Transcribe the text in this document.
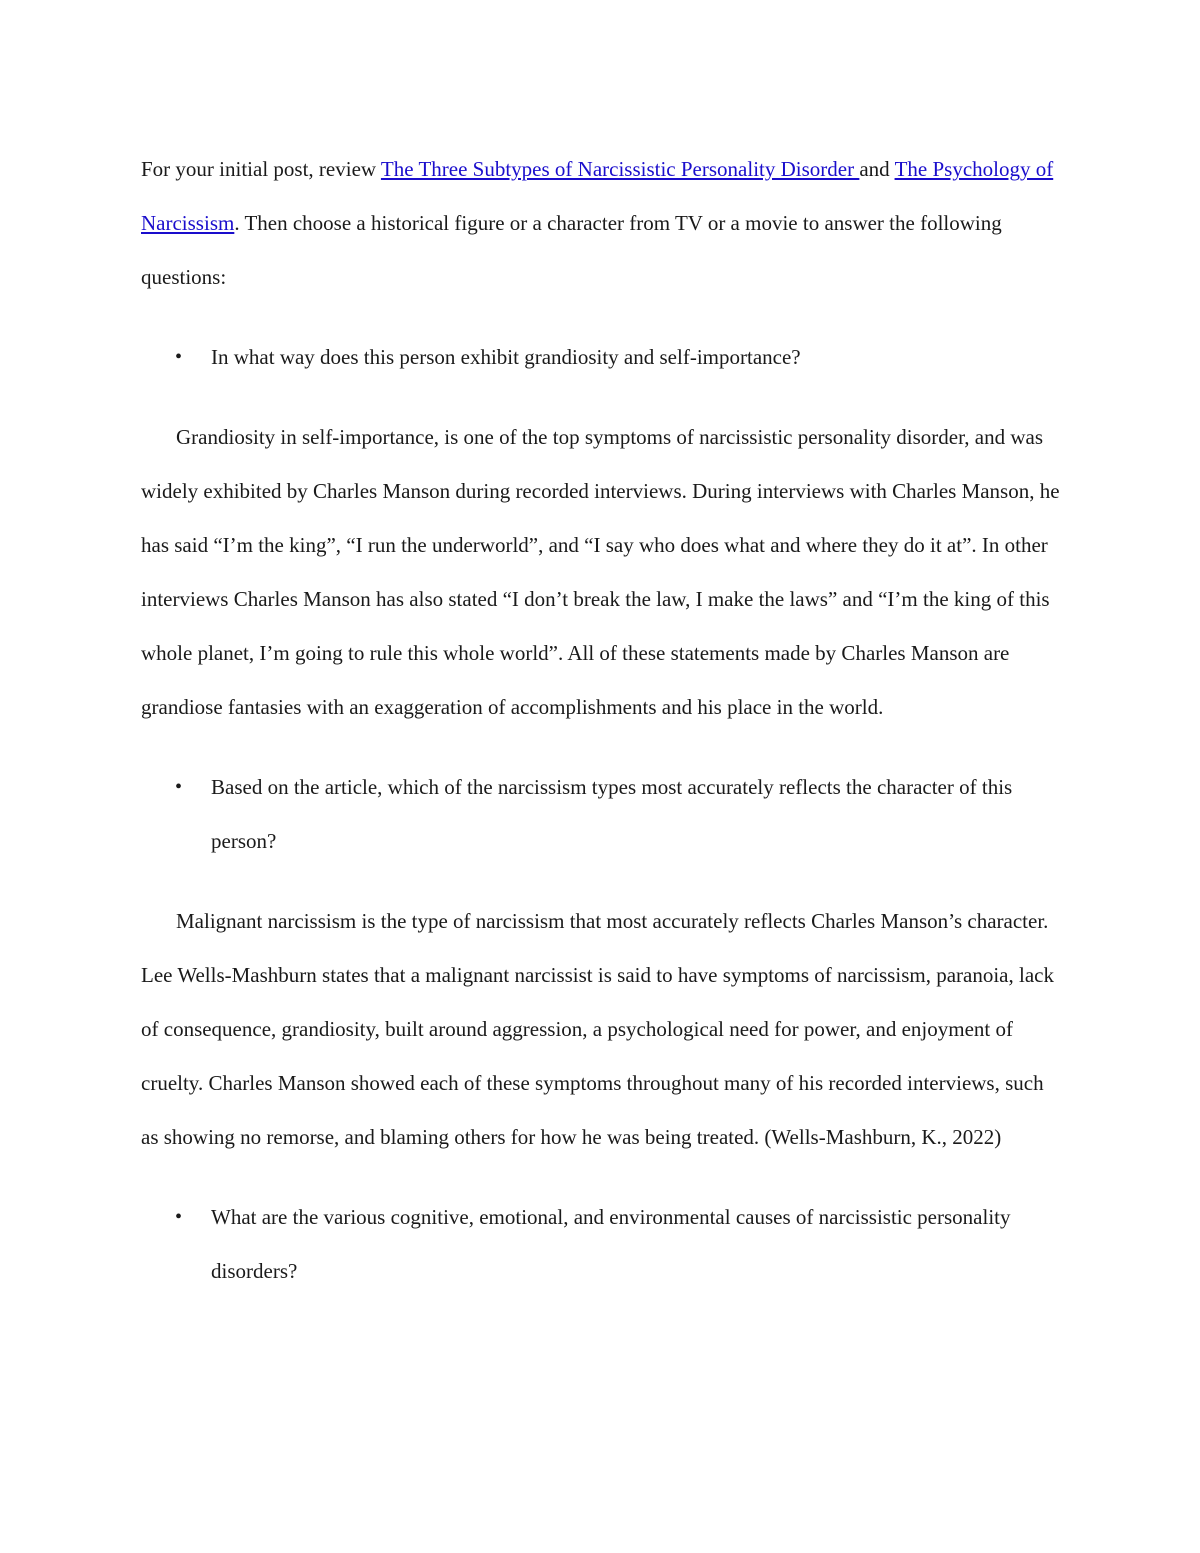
For your initial post, review The Three Subtypes of Narcissistic Personality Disorder and The Psychology of Narcissism. Then choose a historical figure or a character from TV or a movie to answer the following questions:

• In what way does this person exhibit grandiosity and self-importance?

Grandiosity in self-importance, is one of the top symptoms of narcissistic personality disorder, and was widely exhibited by Charles Manson during recorded interviews. During interviews with Charles Manson, he has said “I’m the king”, “I run the underworld”, and “I say who does what and where they do it at”. In other interviews Charles Manson has also stated “I don’t break the law, I make the laws” and “I’m the king of this whole planet, I’m going to rule this whole world”. All of these statements made by Charles Manson are grandiose fantasies with an exaggeration of accomplishments and his place in the world.

• Based on the article, which of the narcissism types most accurately reflects the character of this person?

Malignant narcissism is the type of narcissism that most accurately reflects Charles Manson’s character. Lee Wells-Mashburn states that a malignant narcissist is said to have symptoms of narcissism, paranoia, lack of consequence, grandiosity, built around aggression, a psychological need for power, and enjoyment of cruelty. Charles Manson showed each of these symptoms throughout many of his recorded interviews, such as showing no remorse, and blaming others for how he was being treated. (Wells-Mashburn, K., 2022)

• What are the various cognitive, emotional, and environmental causes of narcissistic personality disorders?
